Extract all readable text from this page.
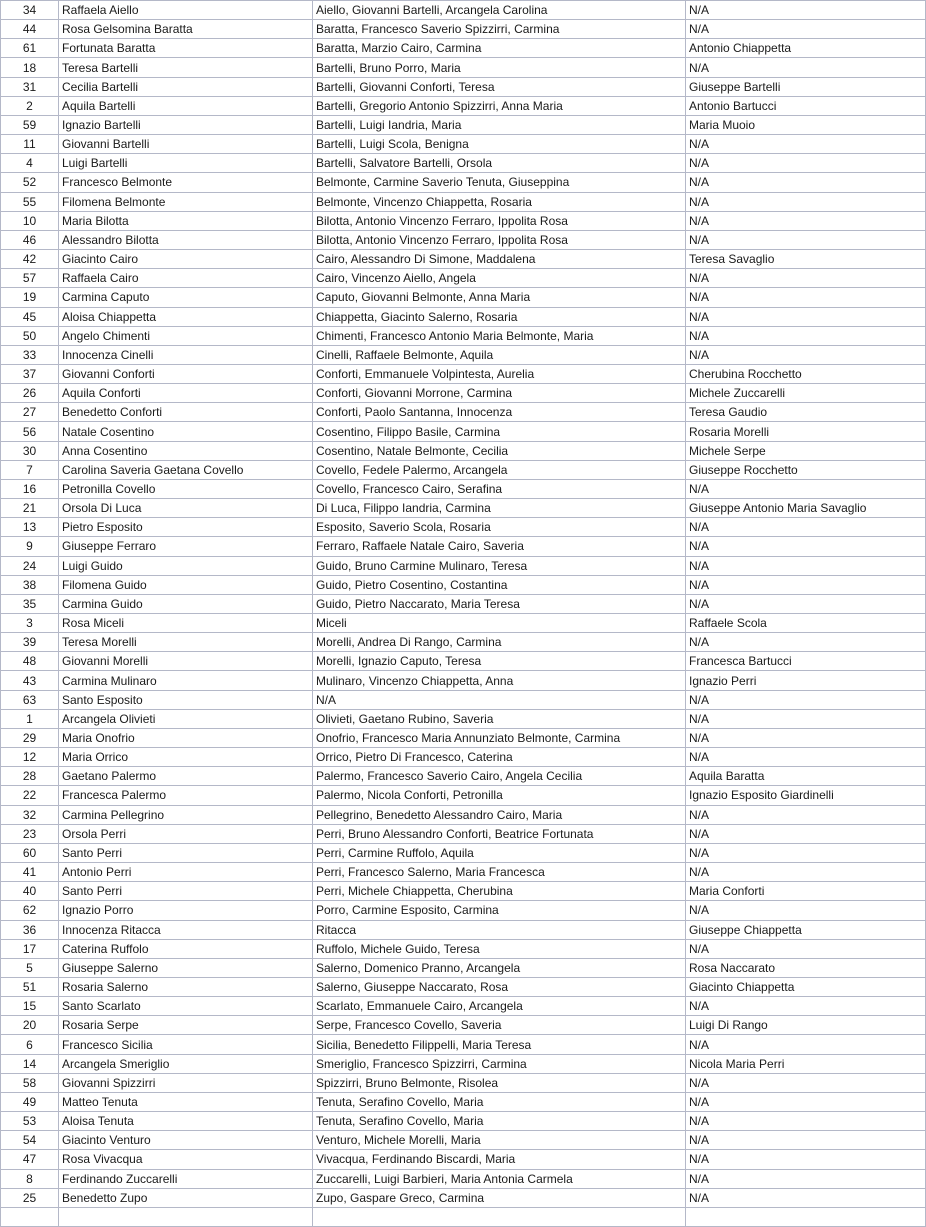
34	Raffaela Aiello	Aiello, Giovanni Bartelli, Arcangela Carolina	N/A
44	Rosa Gelsomina Baratta	Baratta, Francesco Saverio Spizzirri, Carmina	N/A
61	Fortunata Baratta	Baratta, Marzio Cairo, Carmina	Antonio Chiappetta
18	Teresa Bartelli	Bartelli, Bruno Porro, Maria	N/A
31	Cecilia Bartelli	Bartelli, Giovanni Conforti, Teresa	Giuseppe Bartelli
2	Aquila Bartelli	Bartelli, Gregorio Antonio Spizzirri, Anna Maria	Antonio Bartucci
59	Ignazio Bartelli	Bartelli, Luigi Iandria, Maria	Maria Muoio
11	Giovanni Bartelli	Bartelli, Luigi Scola, Benigna	N/A
4	Luigi Bartelli	Bartelli, Salvatore Bartelli, Orsola	N/A
52	Francesco Belmonte	Belmonte, Carmine Saverio Tenuta, Giuseppina	N/A
55	Filomena Belmonte	Belmonte, Vincenzo Chiappetta, Rosaria	N/A
10	Maria Bilotta	Bilotta, Antonio Vincenzo Ferraro, Ippolita Rosa	N/A
46	Alessandro Bilotta	Bilotta, Antonio Vincenzo Ferraro, Ippolita Rosa	N/A
42	Giacinto Cairo	Cairo, Alessandro Di Simone, Maddalena	Teresa Savaglio
57	Raffaela Cairo	Cairo, Vincenzo Aiello, Angela	N/A
19	Carmina Caputo	Caputo, Giovanni Belmonte, Anna Maria	N/A
45	Aloisa Chiappetta	Chiappetta, Giacinto Salerno, Rosaria	N/A
50	Angelo Chimenti	Chimenti, Francesco Antonio Maria Belmonte, Maria	N/A
33	Innocenza Cinelli	Cinelli, Raffaele Belmonte, Aquila	N/A
37	Giovanni Conforti	Conforti, Emmanuele Volpintesta, Aurelia	Cherubina Rocchetto
26	Aquila Conforti	Conforti, Giovanni Morrone, Carmina	Michele Zuccarelli
27	Benedetto Conforti	Conforti, Paolo Santanna, Innocenza	Teresa Gaudio
56	Natale Cosentino	Cosentino, Filippo Basile, Carmina	Rosaria Morelli
30	Anna Cosentino	Cosentino, Natale Belmonte, Cecilia	Michele Serpe
7	Carolina Saveria Gaetana Covello	Covello, Fedele Palermo, Arcangela	Giuseppe Rocchetto
16	Petronilla Covello	Covello, Francesco Cairo, Serafina	N/A
21	Orsola Di Luca	Di Luca, Filippo Iandria, Carmina	Giuseppe Antonio Maria Savaglio
13	Pietro Esposito	Esposito, Saverio Scola, Rosaria	N/A
9	Giuseppe Ferraro	Ferraro, Raffaele Natale Cairo, Saveria	N/A
24	Luigi Guido	Guido, Bruno Carmine Mulinaro, Teresa	N/A
38	Filomena Guido	Guido, Pietro Cosentino, Costantina	N/A
35	Carmina Guido	Guido, Pietro Naccarato, Maria Teresa	N/A
3	Rosa Miceli	Miceli	Raffaele Scola
39	Teresa Morelli	Morelli, Andrea Di Rango, Carmina	N/A
48	Giovanni Morelli	Morelli, Ignazio Caputo, Teresa	Francesca Bartucci
43	Carmina Mulinaro	Mulinaro, Vincenzo Chiappetta, Anna	Ignazio Perri
63	Santo Esposito	N/A	N/A
1	Arcangela Olivieti	Olivieti, Gaetano Rubino, Saveria	N/A
29	Maria Onofrio	Onofrio, Francesco Maria Annunziato Belmonte, Carmina	N/A
12	Maria Orrico	Orrico, Pietro Di Francesco, Caterina	N/A
28	Gaetano Palermo	Palermo, Francesco Saverio Cairo, Angela Cecilia	Aquila Baratta
22	Francesca Palermo	Palermo, Nicola Conforti, Petronilla	Ignazio Esposito Giardinelli
32	Carmina Pellegrino	Pellegrino, Benedetto Alessandro Cairo, Maria	N/A
23	Orsola Perri	Perri, Bruno Alessandro Conforti, Beatrice Fortunata	N/A
60	Santo Perri	Perri, Carmine Ruffolo, Aquila	N/A
41	Antonio Perri	Perri, Francesco Salerno, Maria Francesca	N/A
40	Santo Perri	Perri, Michele Chiappetta, Cherubina	Maria Conforti
62	Ignazio Porro	Porro, Carmine Esposito, Carmina	N/A
36	Innocenza Ritacca	Ritacca	Giuseppe Chiappetta
17	Caterina Ruffolo	Ruffolo, Michele Guido, Teresa	N/A
5	Giuseppe Salerno	Salerno, Domenico Pranno, Arcangela	Rosa Naccarato
51	Rosaria Salerno	Salerno, Giuseppe Naccarato, Rosa	Giacinto Chiappetta
15	Santo Scarlato	Scarlato, Emmanuele Cairo, Arcangela	N/A
20	Rosaria Serpe	Serpe, Francesco Covello, Saveria	Luigi Di Rango
6	Francesco Sicilia	Sicilia, Benedetto Filippelli, Maria Teresa	N/A
14	Arcangela Smeriglio	Smeriglio, Francesco Spizzirri, Carmina	Nicola Maria Perri
58	Giovanni Spizzirri	Spizzirri, Bruno Belmonte, Risolea	N/A
49	Matteo Tenuta	Tenuta, Serafino Covello, Maria	N/A
53	Aloisa Tenuta	Tenuta, Serafino Covello, Maria	N/A
54	Giacinto Venturo	Venturo, Michele Morelli, Maria	N/A
47	Rosa Vivacqua	Vivacqua, Ferdinando Biscardi, Maria	N/A
8	Ferdinando Zuccarelli	Zuccarelli, Luigi Barbieri, Maria Antonia Carmela	N/A
25	Benedetto Zupo	Zupo, Gaspare Greco, Carmina	N/A
